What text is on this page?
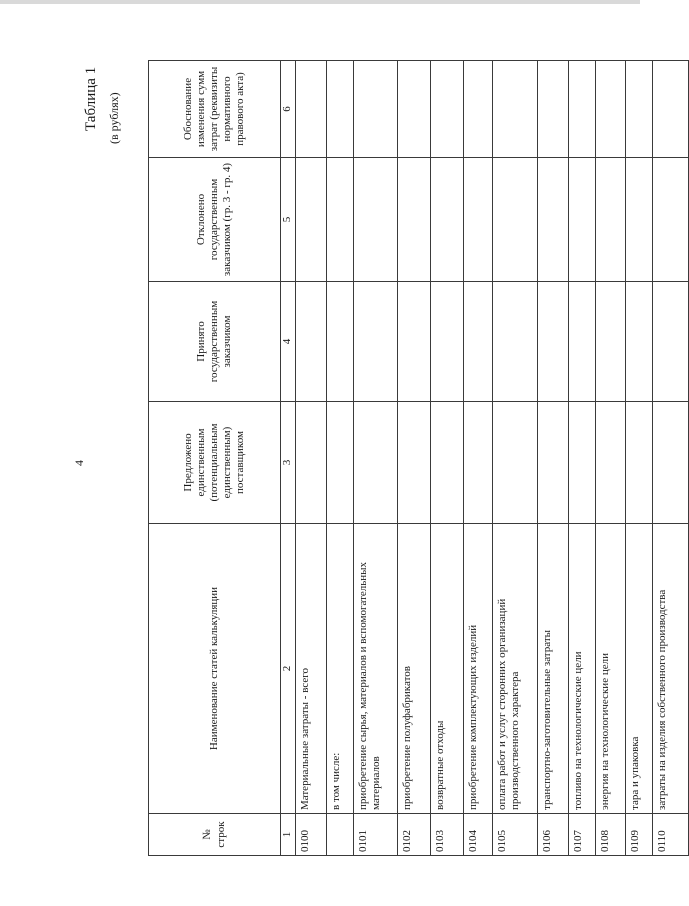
4
Таблица 1 (в рублях)
№ строк	Наименование статей калькуляции	Предложено единственным (потенциальным единственным) поставщиком	Принято государственным заказчиком	Отклонено государственным заказчиком (гр. 3 - гр. 4)	Обоснование изменения сумм затрат (реквизиты нормативного правового акта)
1	2	3	4	5	6
0100	Материальные затраты - всего				
	в том числе:				
0101	приобретение сырья, материалов и вспомогательных материалов				
0102	приобретение полуфабрикатов				
0103	возвратные отходы				
0104	приобретение комплектующих изделий				
0105	оплата работ и услуг сторонних организаций производственного характера				
0106	транспортно-заготовительные затраты				
0107	топливо на технологические цели				
0108	энергия на технологические цели				
0109	тара и упаковка				
0110	затраты на изделия собственного производства				
